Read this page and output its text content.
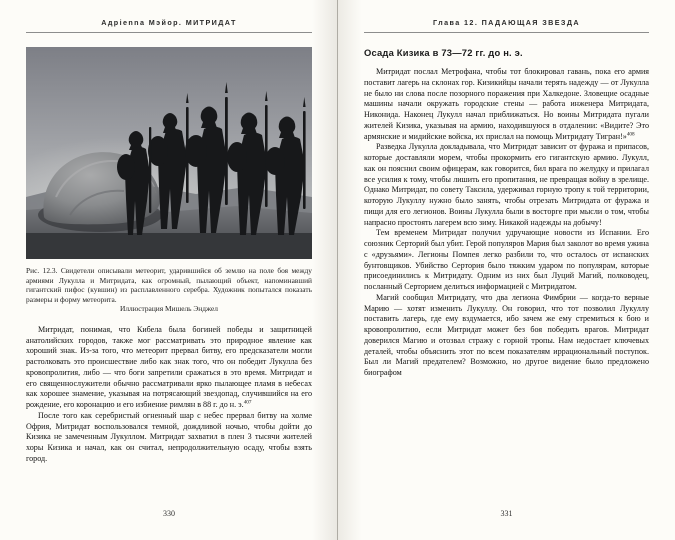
Адрienna Мэйор. МИТРИДАТ
Рис. 12.3. Свидетели описывали метеорит, ударившийся об землю на поле боя между армиями Лукулла и Митридата, как огромный, пылающий объект, напоминавший гигантский пифос (кувшин) из расплавленного серебра. Художник попытался показать размеры и форму метеорита.
Иллюстрация Мишель Энджел

Митридат, понимая, что Кибела была богиней победы и защитницей анатолийских городов, также мог рассматривать это природное явление как хороший знак. Из-за того, что метеорит прервал битву, его предсказатели могли растолковать это происшествие либо как знак того, что он победит Лукулла без кровопролития, либо — что боги запретили сражаться в это время. Митридат и его священнослужители обычно рассматривали ярко пылающее пламя в небесах как хорошее знамение, указывая на потрясающий звездопад, случившийся на его рождение, его коронацию и его избиение римлян в 88 г. до н. э.$^{407}$

После того как серебристый огненный шар с небес прервал битву на холме Офрия, Митридат воспользовался темной, дождливой ночью, чтобы дойти до Кизика не замеченным Лукуллом. Митридат захватил в плен 3 тысячи жителей хоры Кизика и начал, как он считал, непродолжительную осаду, чтобы взять город.

330
Глава 12. ПАДАЮЩАЯ ЗВЕЗДА
Осада Кизика в 73—72 гг. до н. э.

Митридат послал Метрофана, чтобы тот блокировал гавань, пока его армия поставит лагерь на склонах гор. Кизикийцы начали терять надежду — от Лукулла не было ни слова после позорного поражения при Халкедоне. Зловещие осадные машины начали окружать городские стены — работа инженера Митридата, Никонида. Наконец Лукулл начал приближаться. Но воины Митридата пугали жителей Кизика, указывая на армию, находившуюся в отдалении: «Видите? Это армянские и мидийские войска, их прислал на помощь Митридату Тигран!»$^{408}$

Разведка Лукулла докладывала, что Митридат зависит от фуража и припасов, которые доставляли морем, чтобы прокормить его гигантскую армию. Лукулл, как он пояснил своим офицерам, как говорится, бил врага по желудку и прилагал все усилия к тому, чтобы лишить его пропитания, не превращая войну в зрелище. Однако Митридат, по совету Таксила, удерживал горную тропу к той территории, которую Лукуллу нужно было занять, чтобы отрезать Митридата от фуража и пищи для его легионов. Воины Лукулла были в восторге при мысли о том, чтобы напрасно простоять лагерем всю зиму. Никакой надежды на добычу!

Тем временем Митридат получил удручающие новости из Испании. Его союзник Серторий был убит. Герой популяров Мария был заколот во время ужина с «друзьями». Легионы Помпея легко разбили то, что осталось от испанских бунтовщиков. Убийство Сертория было тяжким ударом по популярам, которые присоединились к Митридату. Одним из них был Луций Магий, полководец, посланный Серторием делиться информацией с Митридатом.

Магий сообщил Митридату, что два легиона Фимбрии — когда-то верные Марию — хотят изменить Лукуллу. Он говорил, что тот позволил Лукуллу поставить лагерь, где ему вздумается, ибо зачем же ему стремиться к бою и кровопролитию, если Митридат может без боя победить врагов. Митридат доверился Магию и отозвал стражу с горной тропы. Нам недостает ключевых деталей, чтобы объяснить этот по всем показателям иррациональный поступок. Был ли Магий предателем? Возможно, но другое видение было предложено биографом

331
